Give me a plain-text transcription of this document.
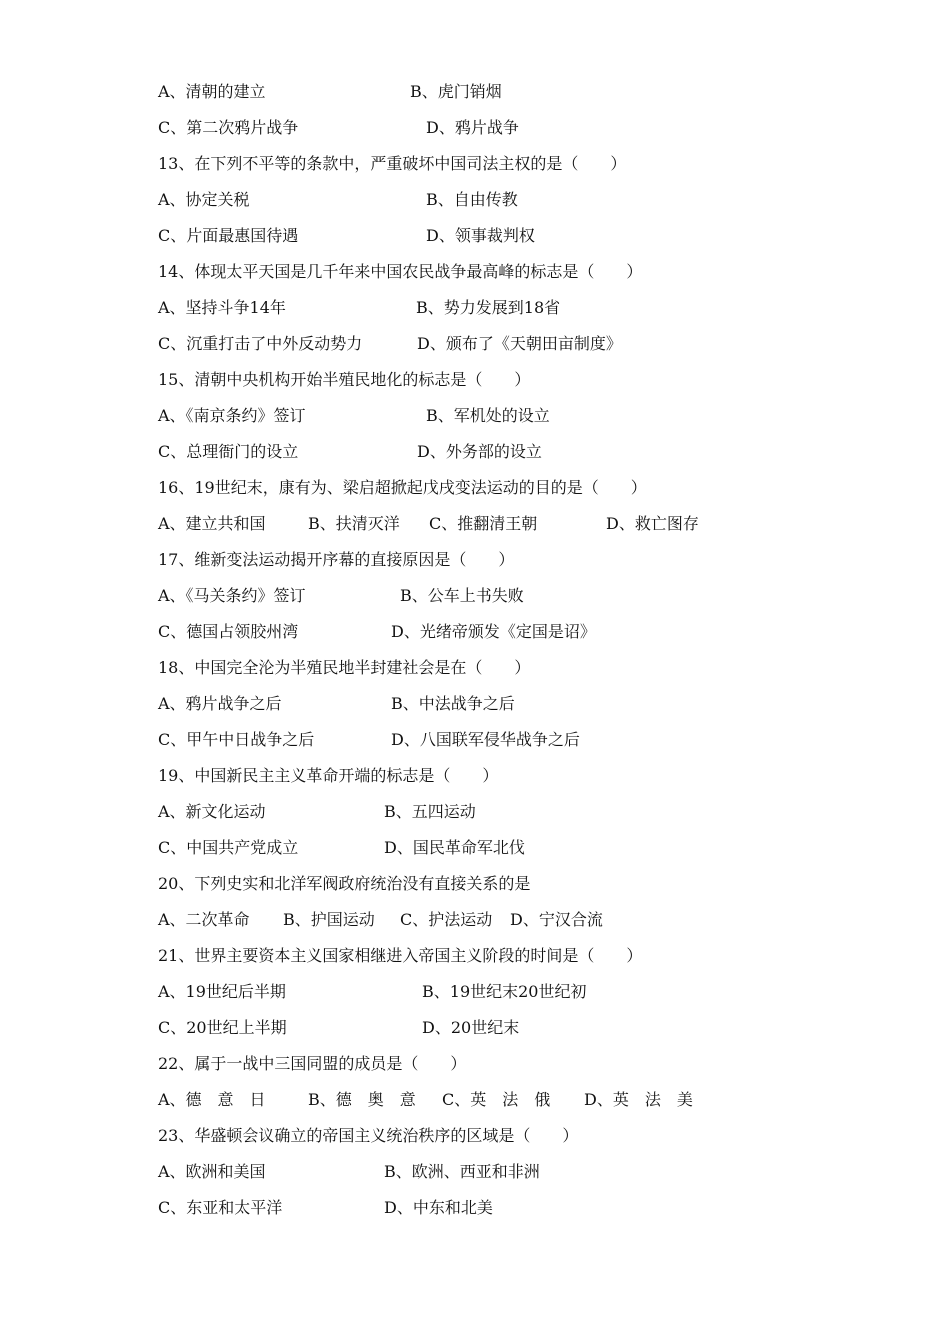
A、清朝的建立	B、虎门销烟
C、第二次鸦片战争	D、鸦片战争
13、在下列不平等的条款中，严重破坏中国司法主权的是（　　）
A、协定关税	B、自由传教
C、片面最惠国待遇	D、领事裁判权
14、体现太平天国是几千年来中国农民战争最高峰的标志是（　　）
A、坚持斗争14年	B、势力发展到18省
C、沉重打击了中外反动势力	D、颁布了《天朝田亩制度》
15、清朝中央机构开始半殖民地化的标志是（　　）
A、《南京条约》签订	B、军机处的设立
C、总理衙门的设立	D、外务部的设立
16、19世纪末，康有为、梁启超掀起戊戌变法运动的目的是（　　）
A、建立共和国	B、扶清灭洋 C、推翻清王朝	D、救亡图存
17、维新变法运动揭开序幕的直接原因是（　　）
A、《马关条约》签订	B、公车上书失败
C、德国占领胶州湾	D、光绪帝颁发《定国是诏》
18、中国完全沦为半殖民地半封建社会是在（　　）
A、鸦片战争之后	B、中法战争之后
C、甲午中日战争之后	D、八国联军侵华战争之后
19、中国新民主主义革命开端的标志是（　　）
A、新文化运动	B、五四运动
C、中国共产党成立	D、国民革命军北伐
20、下列史实和北洋军阀政府统治没有直接关系的是
A、二次革命 B、护国运动 C、护法运动 D、宁汉合流
21、世界主要资本主义国家相继进入帝国主义阶段的时间是（　　）
A、19世纪后半期	B、19世纪末20世纪初
C、20世纪上半期	D、20世纪末
22、属于一战中三国同盟的成员是（　　）
A、德　意　日	B、德　奥　意 C、英　法　俄 D、英　法　美
23、华盛顿会议确立的帝国主义统治秩序的区域是（　　）
A、欧洲和美国	B、欧洲、西亚和非洲
C、东亚和太平洋	D、中东和北美
